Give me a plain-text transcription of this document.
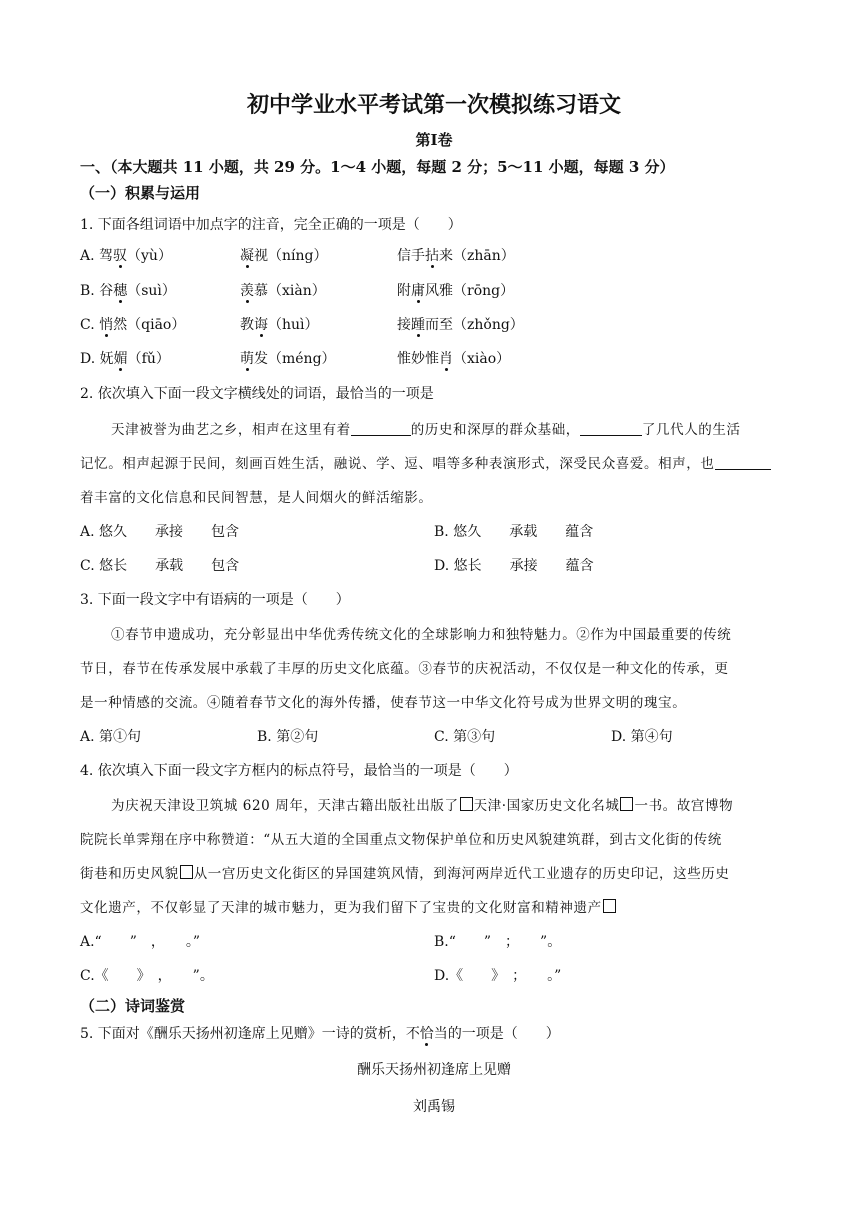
初中学业水平考试第一次模拟练习语文
第Ⅰ卷
一、（本大题共 11 小题，共 29 分。1～4 小题，每题 2 分；5～11 小题，每题 3 分）
（一）积累与运用
1. 下面各组词语中加点字的注音，完全正确的一项是（　　）
A. 驾驭（yù）	凝视（níng）	信手拈来（zhān）
B. 谷穗（suì）	羡慕（xiàn）	附庸风雅（rōng）
C. 悄然（qiāo）	教诲（huì）	接踵而至（zhǒng）
D. 妩媚（fǔ）	萌发（méng）	惟妙惟肖（xiào）
2. 依次填入下面一段文字横线处的词语，最恰当的一项是
天津被誉为曲艺之乡，相声在这里有着	的历史和深厚的群众基础，	了几代人的生活
记忆。相声起源于民间，刻画百姓生活，融说、学、逗、唱等多种表演形式，深受民众喜爱。相声，也
着丰富的文化信息和民间智慧，是人间烟火的鲜活缩影。
A. 悠久　　承接　　包含	B. 悠久　　承载　　蕴含
C. 悠长　　承载　　包含	D. 悠长　　承接　　蕴含
3. 下面一段文字中有语病的一项是（　　）
①春节申遗成功，充分彰显出中华优秀传统文化的全球影响力和独特魅力。②作为中国最重要的传统
节日，春节在传承发展中承载了丰厚的历史文化底蕴。③春节的庆祝活动，不仅仅是一种文化的传承，更
是一种情感的交流。④随着春节文化的海外传播，使春节这一中华文化符号成为世界文明的瑰宝。
A. 第①句	B. 第②句	C. 第③句	D. 第④句
4. 依次填入下面一段文字方框内的标点符号，最恰当的一项是（　　）
为庆祝天津设卫筑城 620 周年，天津古籍出版社出版了 天津·国家历史文化名城 一书。故宫博物
院院长单霁翔在序中称赞道：“从五大道的全国重点文物保护单位和历史风貌建筑群，到古文化街的传统
街巷和历史风貌 从一宫历史文化街区的异国建筑风情，到海河两岸近代工业遗存的历史印记，这些历史
文化遗产，不仅彰显了天津的城市魅力，更为我们留下了宝贵的文化财富和精神遗产
A.“　　”　，　　。”	B.“　　”　；　　”。
C.《　　》　，　　”。	D.《　　》　；　　。”
（二）诗词鉴赏
5. 下面对《酬乐天扬州初逢席上见赠》一诗的赏析，不恰当的一项是（　　）
酬乐天扬州初逢席上见赠
刘禹锡
